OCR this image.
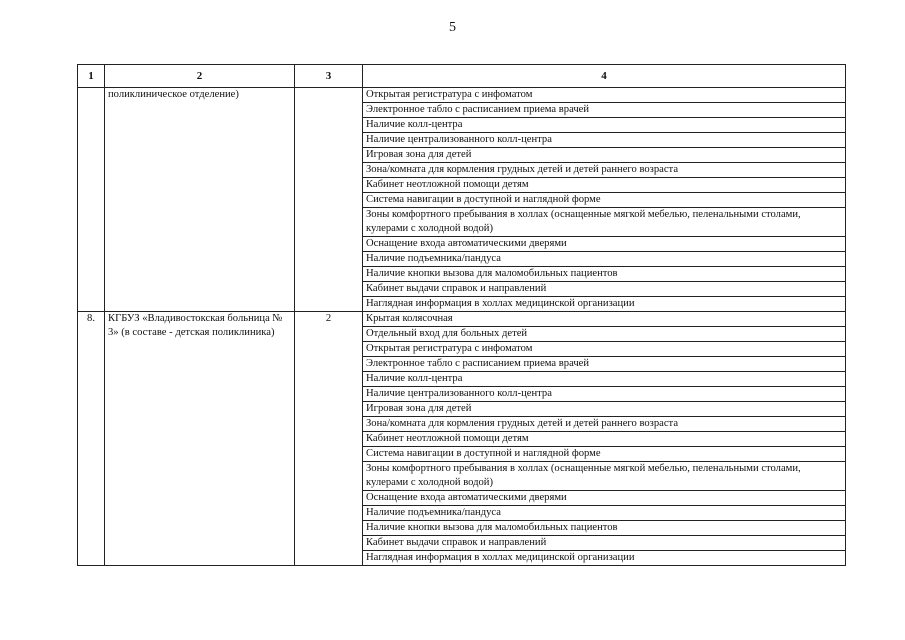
5
1	2	3	4
	поликлиническое отделение)		Открытая регистратура с инфоматом
			Электронное табло с расписанием приема врачей
			Наличие колл-центра
			Наличие централизованного колл-центра
			Игровая зона для детей
			Зона/комната для кормления грудных детей и детей раннего возраста
			Кабинет неотложной помощи детям
			Система навигации в доступной и наглядной форме
			Зоны комфортного пребывания в холлах (оснащенные мягкой мебелью, пеленальными столами, кулерами с холодной водой)
			Оснащение входа автоматическими дверями
			Наличие подъемника/пандуса
			Наличие кнопки вызова для маломобильных пациентов
			Кабинет выдачи справок и направлений
			Наглядная информация в холлах медицинской организации
8.	КГБУЗ «Владивостокская больница № 3» (в составе - детская поликлиника)	2	Крытая колясочная
			Отдельный вход для больных детей
			Открытая регистратура с инфоматом
			Электронное табло с расписанием приема врачей
			Наличие колл-центра
			Наличие централизованного колл-центра
			Игровая зона для детей
			Зона/комната для кормления грудных детей и детей раннего возраста
			Кабинет неотложной помощи детям
			Система навигации в доступной и наглядной форме
			Зоны комфортного пребывания в холлах (оснащенные мягкой мебелью, пеленальными столами, кулерами с холодной водой)
			Оснащение входа автоматическими дверями
			Наличие подъемника/пандуса
			Наличие кнопки вызова для маломобильных пациентов
			Кабинет выдачи справок и направлений
			Наглядная информация в холлах медицинской организации
